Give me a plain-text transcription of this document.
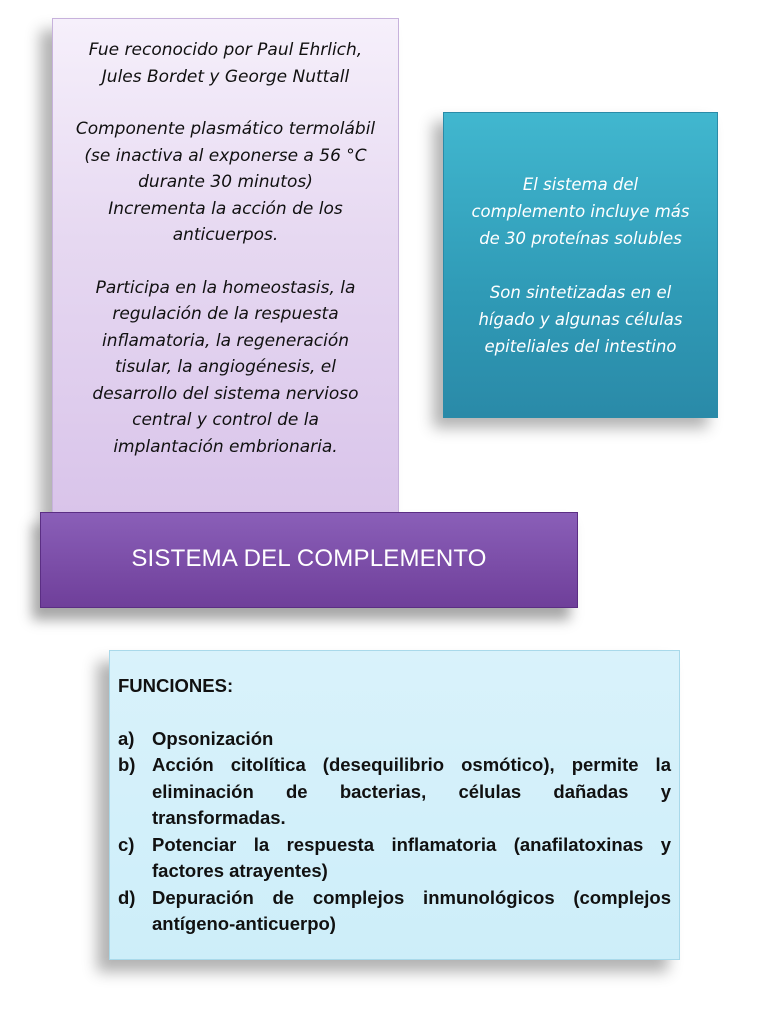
Fue reconocido por Paul Ehrlich,

Jules Bordet y George Nuttall

Componente plasmático termolábil

(se inactiva al exponerse a 56 °C

durante 30 minutos)

Incrementa la acción de los

anticuerpos.

Participa en la homeostasis, la

regulación de la respuesta

inflamatoria, la regeneración

tisular, la angiogénesis, el

desarrollo del sistema nervioso

central y control de la

implantación embrionaria.

El sistema del

complemento incluye más

de 30 proteínas solubles

Son sintetizadas en el

hígado y algunas células

epiteliales del intestino

SISTEMA DEL COMPLEMENTO
FUNCIONES:
a) Opsonización
b) Acción citolítica (desequilibrio osmótico), permite la eliminación de bacterias, células dañadas y transformadas.
c) Potenciar la respuesta inflamatoria (anafilatoxinas y factores atrayentes)
d) Depuración de complejos inmunológicos (complejos antígeno-anticuerpo)
